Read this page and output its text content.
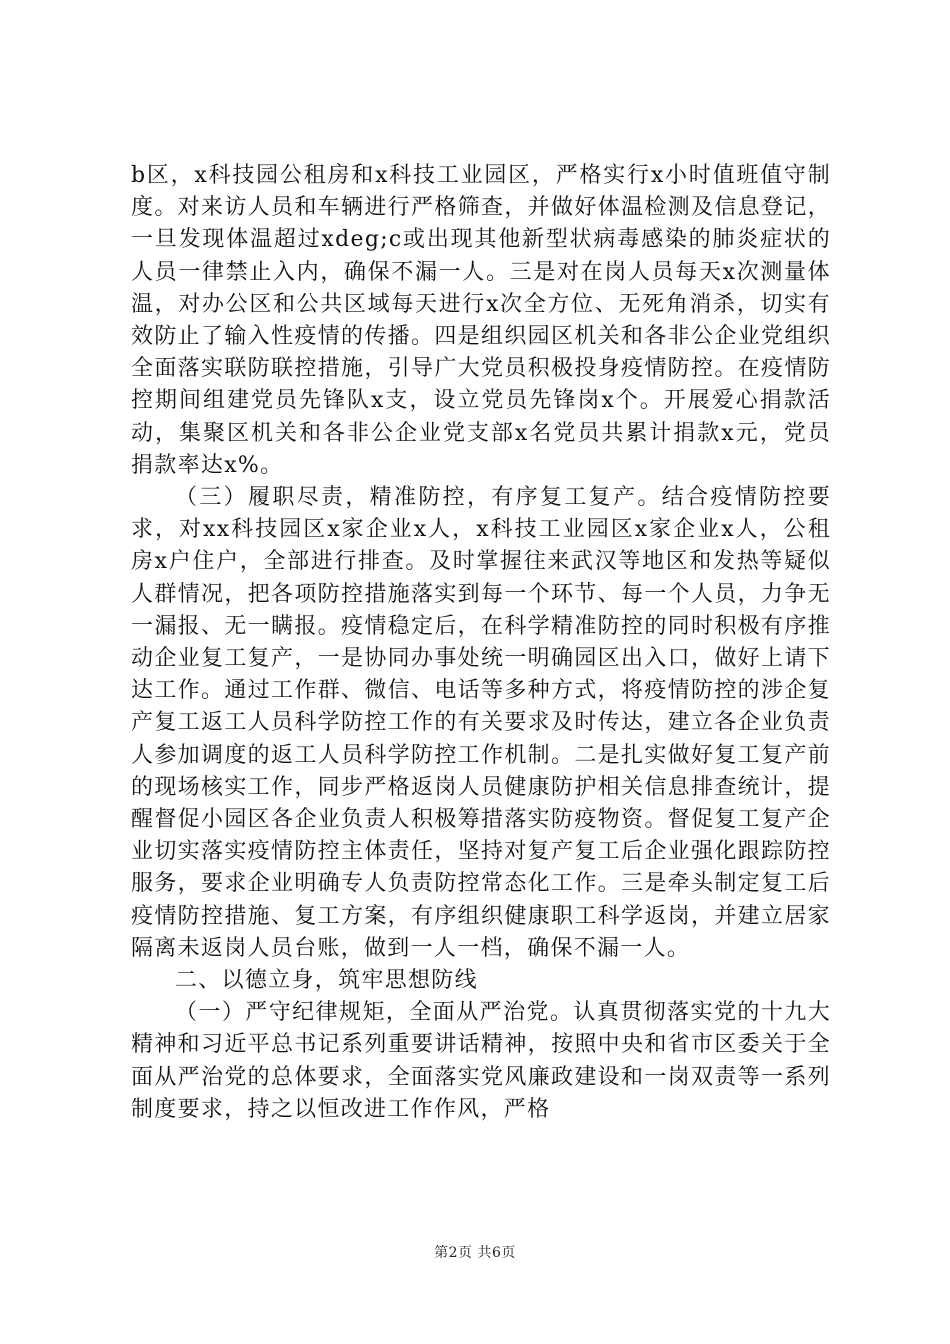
b区，x科技园公租房和x科技工业园区，严格实行x小时值班值守制度。对来访人员和车辆进行严格筛查，并做好体温检测及信息登记，一旦发现体温超过xdeg;c或出现其他新型状病毒感染的肺炎症状的人员一律禁止入内，确保不漏一人。三是对在岗人员每天x次测量体温，对办公区和公共区域每天进行x次全方位、无死角消杀，切实有效防止了输入性疫情的传播。四是组织园区机关和各非公企业党组织全面落实联防联控措施，引导广大党员积极投身疫情防控。在疫情防控期间组建党员先锋队x支，设立党员先锋岗x个。开展爱心捐款活动，集聚区机关和各非公企业党支部x名党员共累计捐款x元，党员捐款率达x%。

（三）履职尽责，精准防控，有序复工复产。结合疫情防控要求，对xx科技园区x家企业x人，x科技工业园区x家企业x人，公租房x户住户，全部进行排查。及时掌握往来武汉等地区和发热等疑似人群情况，把各项防控措施落实到每一个环节、每一个人员，力争无一漏报、无一瞒报。疫情稳定后，在科学精准防控的同时积极有序推动企业复工复产，一是协同办事处统一明确园区出入口，做好上请下达工作。通过工作群、微信、电话等多种方式，将疫情防控的涉企复产复工返工人员科学防控工作的有关要求及时传达，建立各企业负责人参加调度的返工人员科学防控工作机制。二是扎实做好复工复产前的现场核实工作，同步严格返岗人员健康防护相关信息排查统计，提醒督促小园区各企业负责人积极筹措落实防疫物资。督促复工复产企业切实落实疫情防控主体责任，坚持对复产复工后企业强化跟踪防控服务，要求企业明确专人负责防控常态化工作。三是牵头制定复工后疫情防控措施、复工方案，有序组织健康职工科学返岗，并建立居家隔离未返岗人员台账，做到一人一档，确保不漏一人。

二、以德立身，筑牢思想防线

（一）严守纪律规矩，全面从严治党。认真贯彻落实党的十九大精神和习近平总书记系列重要讲话精神，按照中央和省市区委关于全面从严治党的总体要求，全面落实党风廉政建设和一岗双责等一系列制度要求，持之以恒改进工作作风，严格

第2页 共6页
